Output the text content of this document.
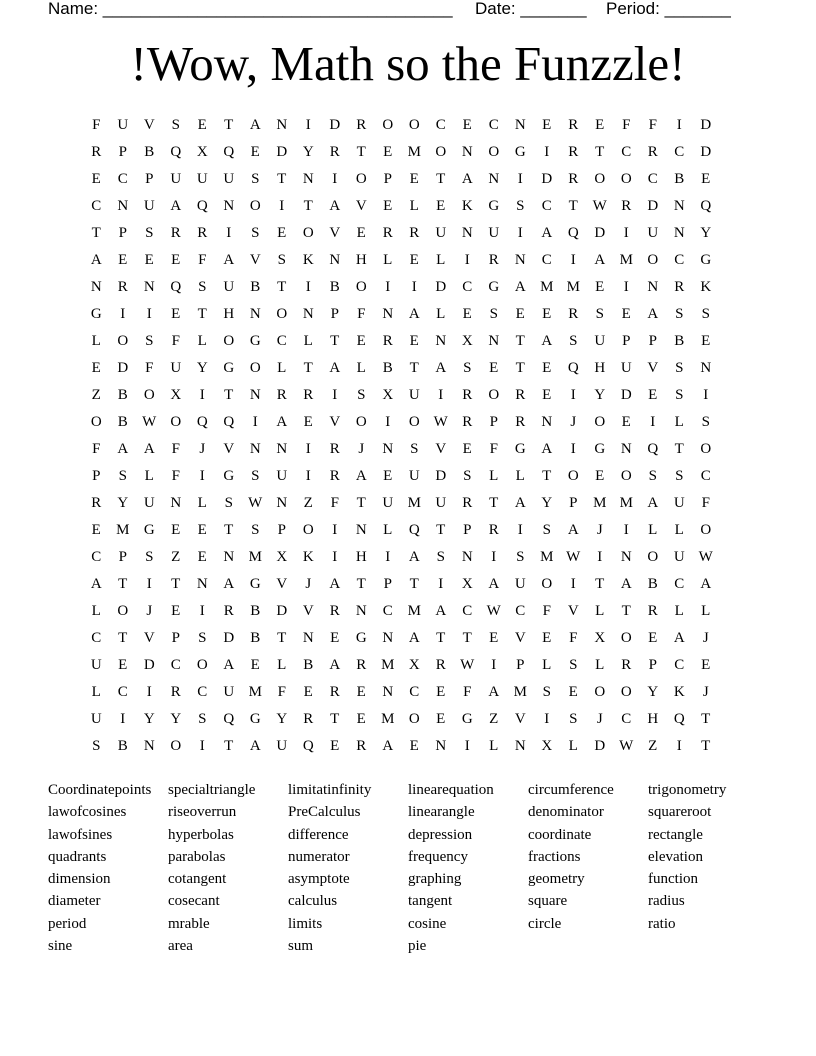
Name: _____________________________________ Date: _______ Period: _______
!Wow, Math so the Funzzle!
F	U	V	S	E	T	A	N	I	D	R	O	O	C	E	C	N	E	R	E	F	F	I	D
R	P	B	Q	X	Q	E	D	Y	R	T	E	M O	N	O	G	I	R	T	C	R	C	D
E	C	P	U	U	U	S	T	N	I	O	P	E	T	A	N	I	D	R	O	O	C	B	E
C	N	U	A	Q	N	O	I	T	A	V	E	L	E	K	G	S	C	T W R	D	N	Q
T	P	S	R	R	I	S	E	O	V	E	R	R	U	N	U	I	A	Q	D	I	U	N	Y
A	E	E	E	F	A	V	S	K	N	H	L	E	L	I	R	N	C	I	A M O	C	G
N	R	N	Q	S	U	B	T	I	B	O	I	I	D	C	G	A M M	E	I	N	R	K
G	I	I	E	T	H	N	O	N	P	F	N	A	L	E	S	E	E	R	S	E	A	S	S
L	O	S	F	L	O	G	C	L	T	E	R	E	N	X	N	T	A	S	U	P	P	B	E
E	D	F	U	Y	G	O	L	T	A	L	B	T	A	S	E	T	E	Q	H	U	V	S	N
Z	B	O	X	I	T	N	R	R	I	S	X	U	I	R	O	R	E	I	Y	D	E	S	I
O	B W O	Q	Q	I	A	E	V	O	I	O W R	P	R	N	J	O	E	I	L	S
F	A	A	F	J	V	N	N	I	R	J	N	S	V	E	F	G	A	I	G	N	Q	T	O
P	S	L	F	I	G	S	U	I	R	A	E	U	D	S	L	L	T	O	E	O	S	S	C
R	Y	U	N	L	S	W N	Z	F	T	U M U	R	T	A	Y	P	M M A	U	F
E	M G	E	E	T	S	P	O	I	N	L	Q	T	P	R	I	S	A	J	I	L	L	O
C	P	S	Z	E	N M X	K	I	H	I	A	S	N	I	S	M W	I	N	O	U W
A	T	I	T	N	A	G	V	J	A	T	P	T	I	X	A	U	O	I	T	A	B	C	A
L	O	J	E	I	R	B	D	V	R	N	C M A	C W C	F	V	L	T	R	L	L
C	T	V	P	S	D	B	T	N	E	G	N	A	T	T	E	V	E	F	X	O	E	A	J
U	E	D	C	O	A	E	L	B	A	R M X	R W	I	P	L	S	L	R	P	C	E
L	C	I	R	C	U M	F	E	R	E	N	C	E	F	A M	S	E	O	O	Y	K	J
U	I	Y	Y	S	Q	G	Y	R	T	E	M O	E	G	Z	V	I	S	J	C	H	Q	T
S	B	N	O	I	T	A	U	Q	E	R	A	E	N	I	L	N	X	L	D W Z	I	T
Coordinatepoints
lawofcosines
lawofsines
quadrants
dimension
diameter
period
sine
specialtriangle
riseoverrun
hyperbolas
parabolas
cotangent
cosecant
mrable
area
limitatinfinity
PreCalculus
difference
numerator
asymptote
calculus
limits
sum
linearequation
linearangle
depression
frequency
graphing
tangent
cosine
pie
circumference
denominator
coordinate
fractions
geometry
square
circle
trigonometry
squareroot
rectangle
elevation
function
radius
ratio
